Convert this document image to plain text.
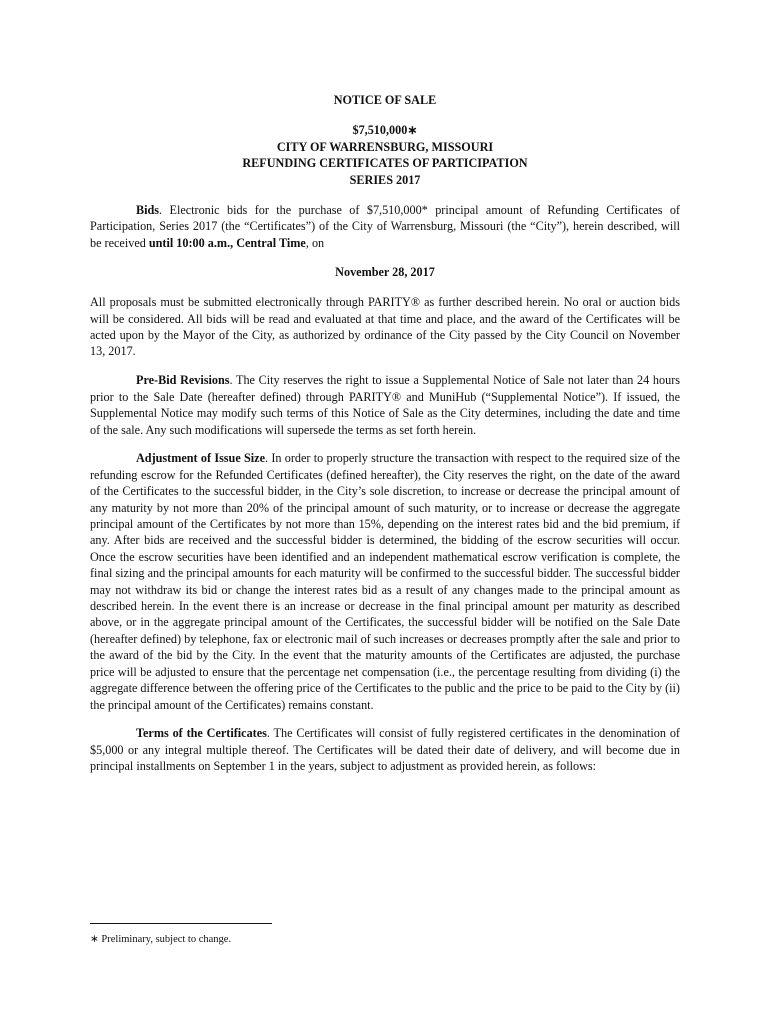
NOTICE OF SALE
$7,510,000∗
CITY OF WARRENSBURG, MISSOURI
REFUNDING CERTIFICATES OF PARTICIPATION
SERIES 2017

Bids. Electronic bids for the purchase of $7,510,000* principal amount of Refunding Certificates of Participation, Series 2017 (the “Certificates”) of the City of Warrensburg, Missouri (the “City”), herein described, will be received until 10:00 a.m., Central Time, on

November 28, 2017

All proposals must be submitted electronically through PARITY® as further described herein. No oral or auction bids will be considered. All bids will be read and evaluated at that time and place, and the award of the Certificates will be acted upon by the Mayor of the City, as authorized by ordinance of the City passed by the City Council on November 13, 2017.

Pre-Bid Revisions. The City reserves the right to issue a Supplemental Notice of Sale not later than 24 hours prior to the Sale Date (hereafter defined) through PARITY® and MuniHub (“Supplemental Notice”). If issued, the Supplemental Notice may modify such terms of this Notice of Sale as the City determines, including the date and time of the sale. Any such modifications will supersede the terms as set forth herein.

Adjustment of Issue Size. In order to properly structure the transaction with respect to the required size of the refunding escrow for the Refunded Certificates (defined hereafter), the City reserves the right, on the date of the award of the Certificates to the successful bidder, in the City’s sole discretion, to increase or decrease the principal amount of any maturity by not more than 20% of the principal amount of such maturity, or to increase or decrease the aggregate principal amount of the Certificates by not more than 15%, depending on the interest rates bid and the bid premium, if any. After bids are received and the successful bidder is determined, the bidding of the escrow securities will occur. Once the escrow securities have been identified and an independent mathematical escrow verification is complete, the final sizing and the principal amounts for each maturity will be confirmed to the successful bidder. The successful bidder may not withdraw its bid or change the interest rates bid as a result of any changes made to the principal amount as described herein. In the event there is an increase or decrease in the final principal amount per maturity as described above, or in the aggregate principal amount of the Certificates, the successful bidder will be notified on the Sale Date (hereafter defined) by telephone, fax or electronic mail of such increases or decreases promptly after the sale and prior to the award of the bid by the City. In the event that the maturity amounts of the Certificates are adjusted, the purchase price will be adjusted to ensure that the percentage net compensation (i.e., the percentage resulting from dividing (i) the aggregate difference between the offering price of the Certificates to the public and the price to be paid to the City by (ii) the principal amount of the Certificates) remains constant.

Terms of the Certificates. The Certificates will consist of fully registered certificates in the denomination of $5,000 or any integral multiple thereof. The Certificates will be dated their date of delivery, and will become due in principal installments on September 1 in the years, subject to adjustment as provided herein, as follows:

∗ Preliminary, subject to change.
